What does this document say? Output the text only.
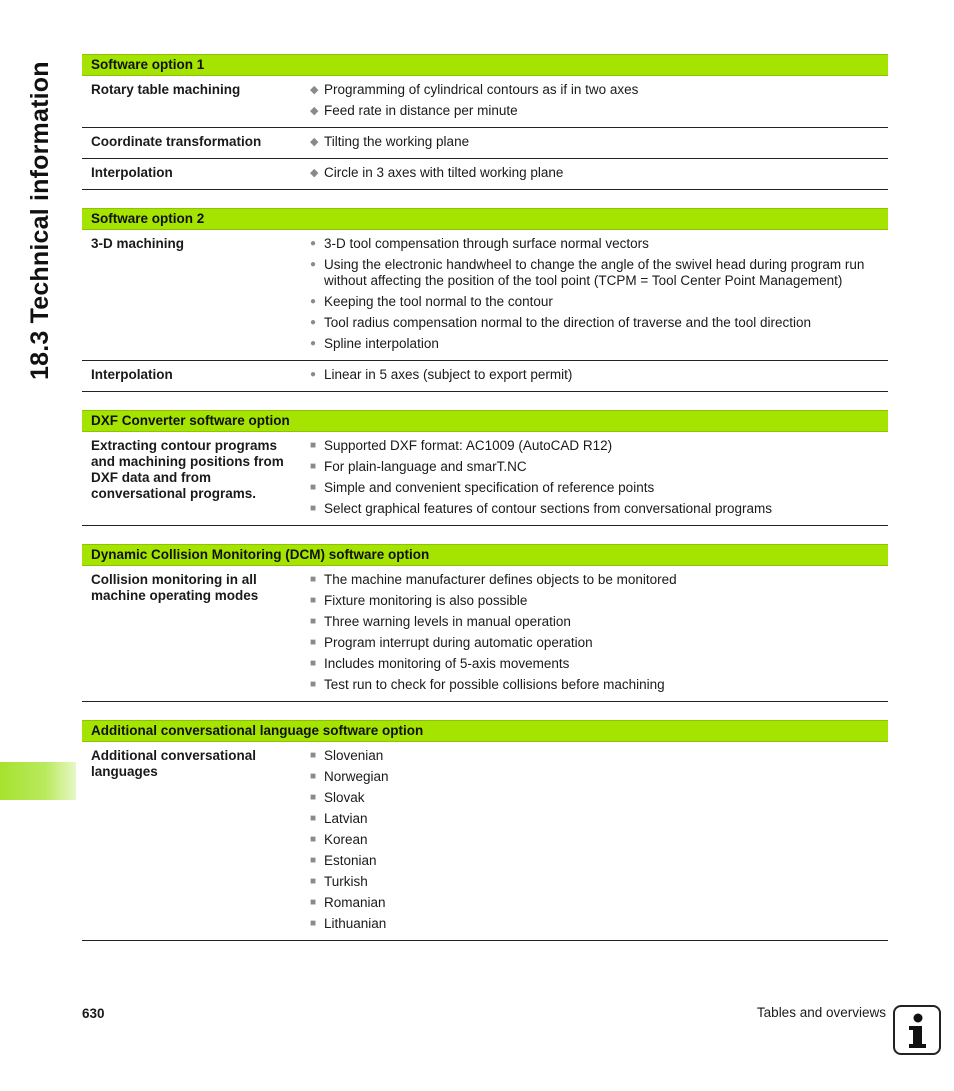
18.3 Technical information	Software option 1
Rotary table machining	◆ Programming of cylindrical contours as if in two axes
◆ Feed rate in distance per minute
Coordinate transformation	◆ Tilting the working plane
Interpolation	◆ Circle in 3 axes with tilted working plane
Software option 2
3-D machining	● 3-D tool compensation through surface normal vectors
● Using the electronic handwheel to change the angle of the swivel head during program run without affecting the position of the tool point (TCPM = Tool Center Point Management)
● Keeping the tool normal to the contour
● Tool radius compensation normal to the direction of traverse and the tool direction
● Spline interpolation
Interpolation	● Linear in 5 axes (subject to export permit)
DXF Converter software option
Extracting contour programs and machining positions from DXF data and from conversational programs.
■ Supported DXF format: AC1009 (AutoCAD R12)
■ For plain-language and smarT.NC
■ Simple and convenient specification of reference points
■ Select graphical features of contour sections from conversational programs
Dynamic Collision Monitoring (DCM) software option
Collision monitoring in all machine operating modes
■ The machine manufacturer defines objects to be monitored
■ Fixture monitoring is also possible
■ Three warning levels in manual operation
■ Program interrupt during automatic operation
■ Includes monitoring of 5-axis movements
■ Test run to check for possible collisions before machining
Additional conversational language software option
Additional conversational languages
■ Slovenian
■ Norwegian
■ Slovak
■ Latvian
■ Korean
■ Estonian
■ Turkish
■ Romanian
■ Lithuanian
630	Tables and overviews
